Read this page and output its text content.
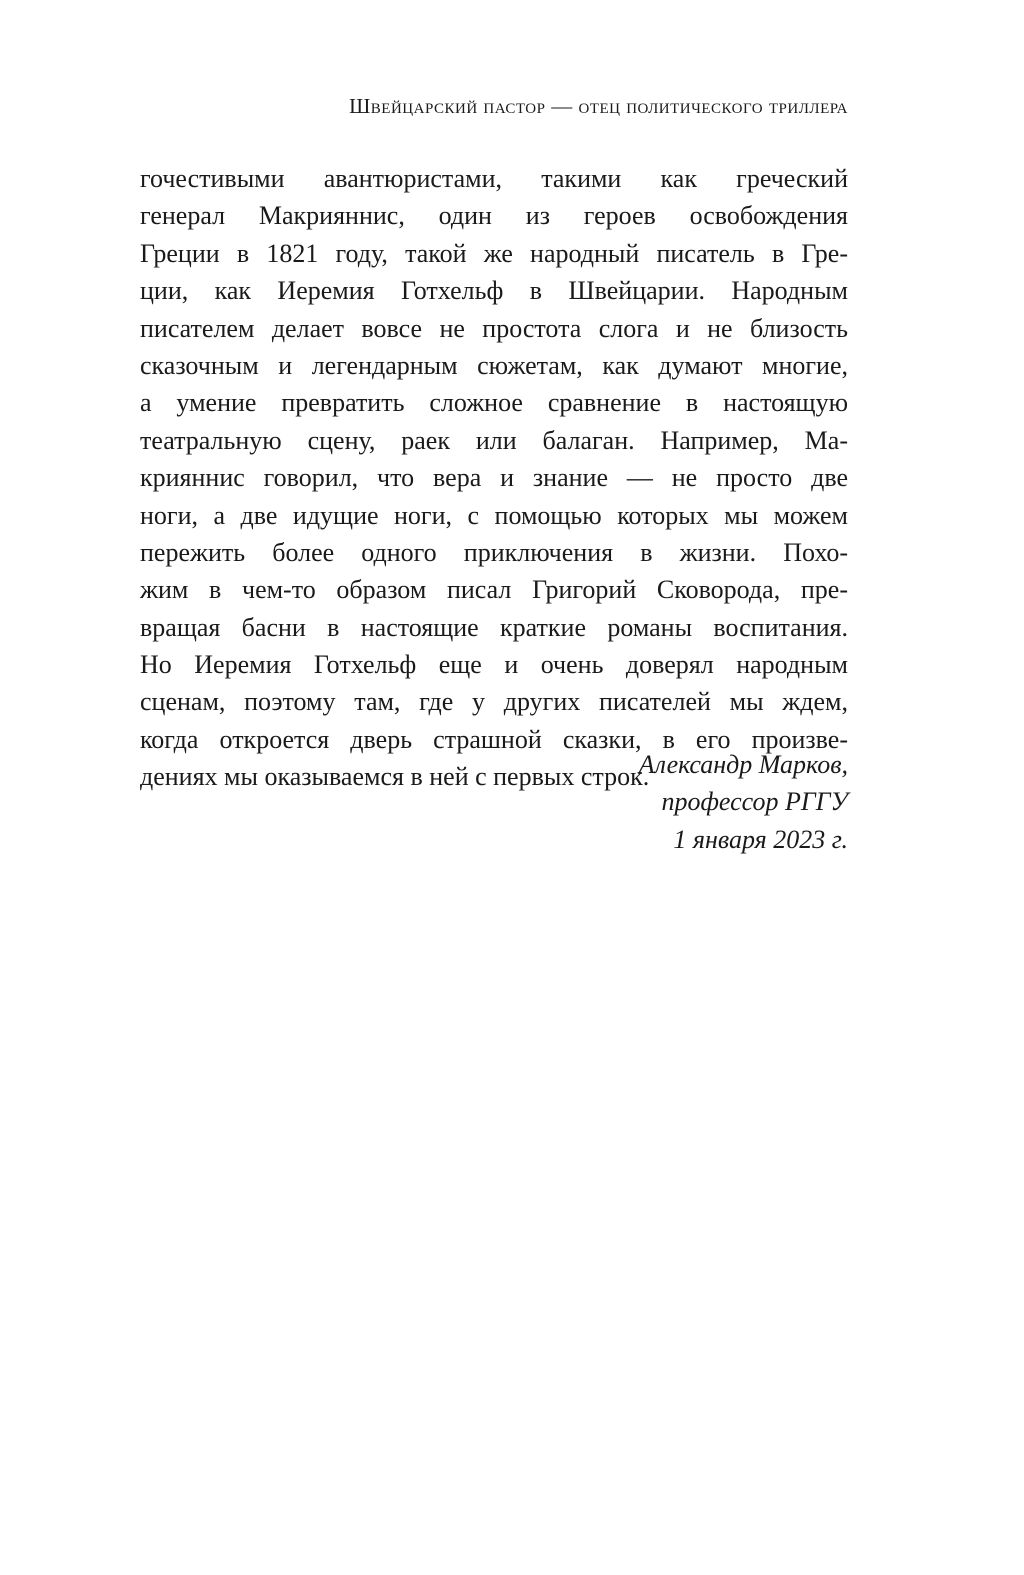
Швейцарский пастор — отец политического триллера
гочестивыми авантюристами, такими как греческий
генерал Макрияннис, один из героев освобождения
Греции в 1821 году, такой же народный писатель в Гре-
ции, как Иеремия Готхельф в Швейцарии. Народным
писателем делает вовсе не простота слога и не близость
сказочным и легендарным сюжетам, как думают многие,
а умение превратить сложное сравнение в настоящую
театральную сцену, раек или балаган. Например, Ма-
крияннис говорил, что вера и знание — не просто две
ноги, а две идущие ноги, с помощью которых мы можем
пережить более одного приключения в жизни. Похо-
жим в чем-то образом писал Григорий Сковорода, пре-
вращая басни в настоящие краткие романы воспитания.
Но Иеремия Готхельф еще и очень доверял народным
сценам, поэтому там, где у других писателей мы ждем,
когда откроется дверь страшной сказки, в его произве-
дениях мы оказываемся в ней с первых строк.
Александр Марков,
профессор РГГУ
1 января 2023 г.
